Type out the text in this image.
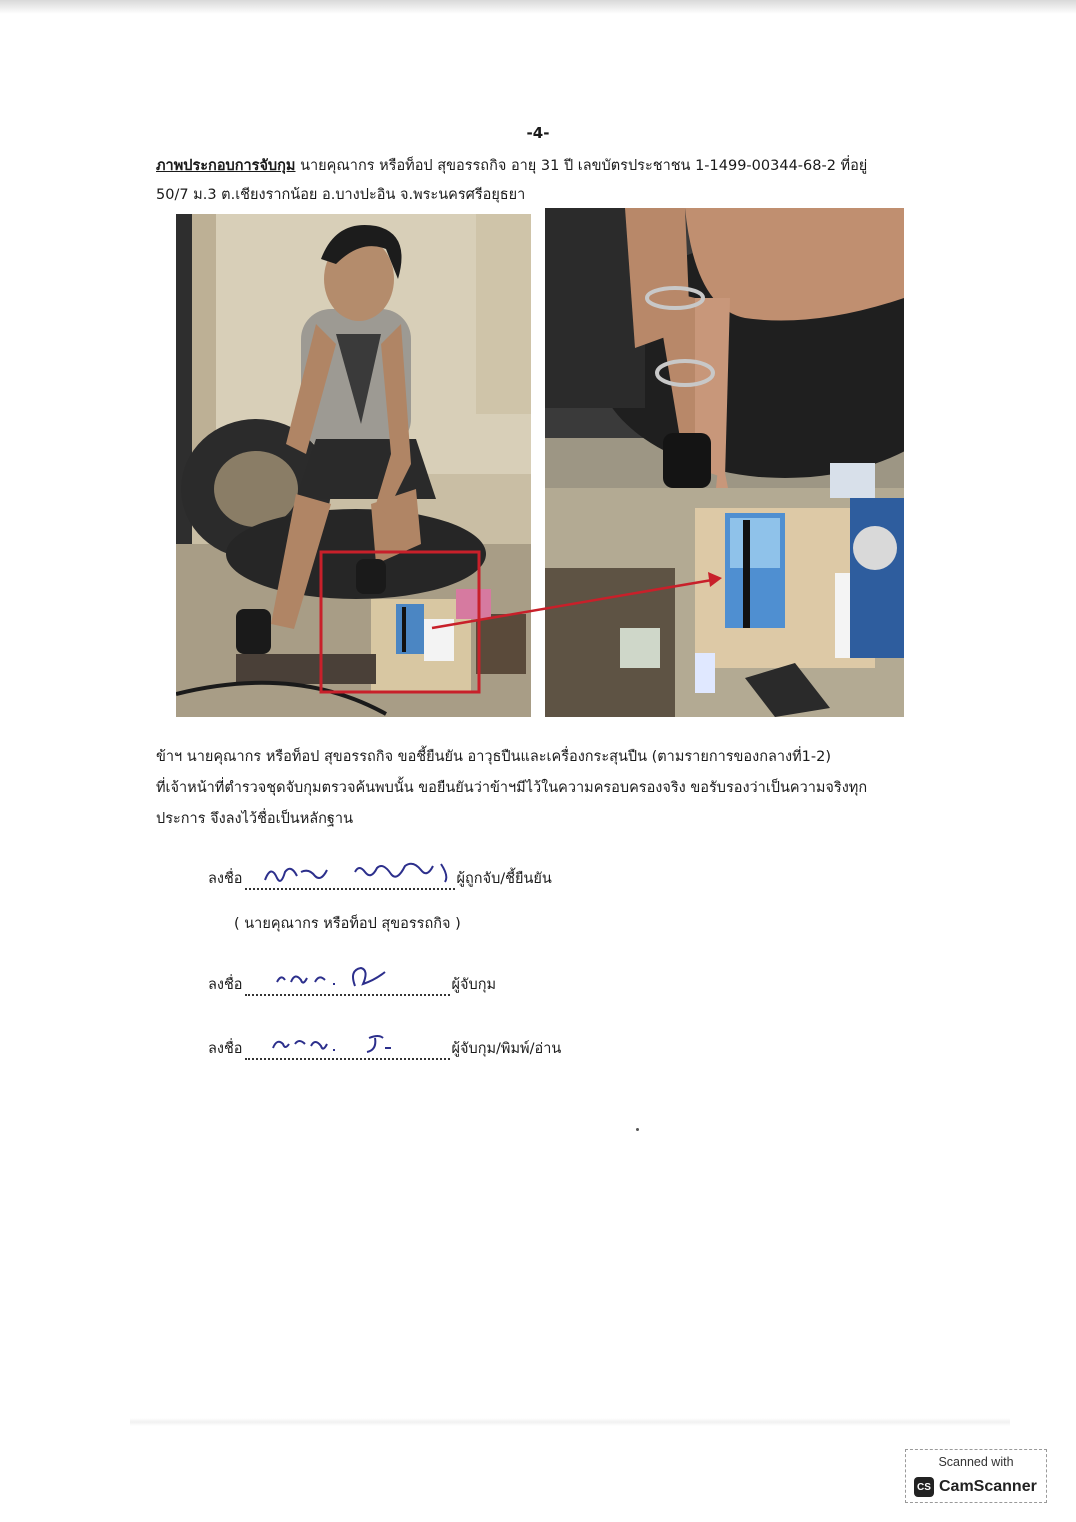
-4-
ภาพประกอบการจับกุม นายคุณากร หรือท็อป สุขอรรถกิจ อายุ 31 ปี เลขบัตรประชาชน 1-1499-00344-68-2 ที่อยู่
50/7 ม.3 ต.เชียงรากน้อย อ.บางปะอิน จ.พระนครศรีอยุธยา
ข้าฯ นายคุณากร หรือท็อป สุขอรรถกิจ ขอชี้ยืนยัน อาวุธปืนและเครื่องกระสุนปืน (ตามรายการของกลางที่1-2)
ที่เจ้าหน้าที่ตำรวจชุดจับกุมตรวจค้นพบนั้น ขอยืนยันว่าข้าฯมีไว้ในความครอบครองจริง ขอรับรองว่าเป็นความจริงทุก
ประการ จึงลงไว้ชื่อเป็นหลักฐาน
ลงชื่อ	ผู้ถูกจับ/ชี้ยืนยัน
( นายคุณากร หรือท็อป สุขอรรถกิจ )
ลงชื่อ	ผู้จับกุม
ลงชื่อ	ผู้จับกุม/พิมพ์/อ่าน
Scanned with
CS CamScanner
